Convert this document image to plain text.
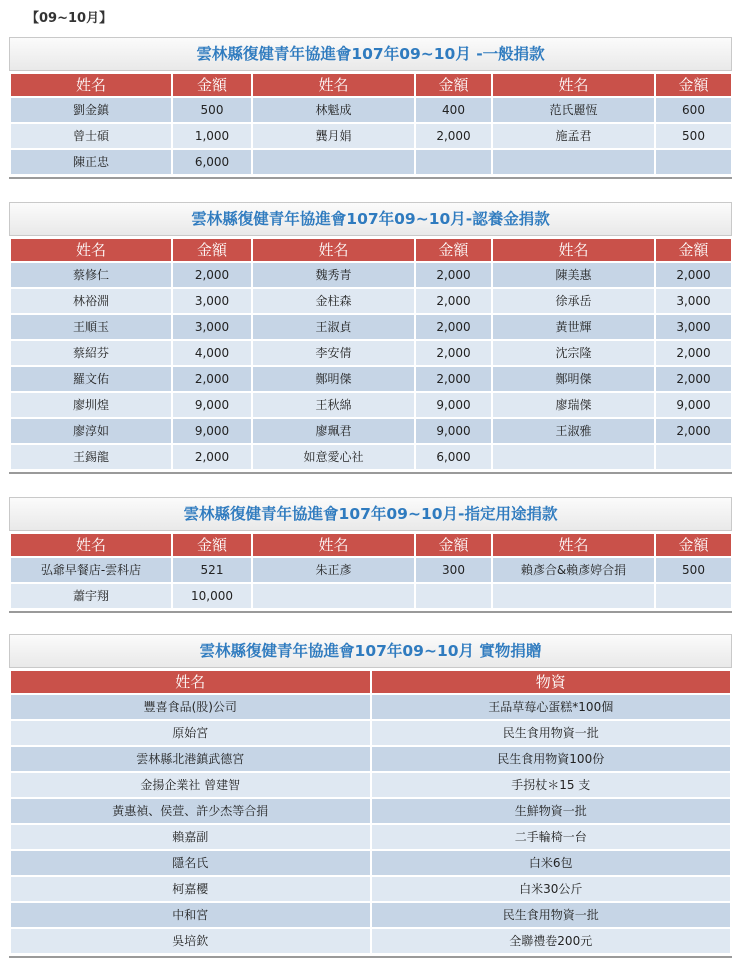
【09~10月】
雲林縣復健青年協進會107年09~10月 -一般捐款
姓名	金額	姓名	金額	姓名	金額
劉金鎮	500	林魁成	400	范氏麗恆	600
曾士碩	1,000	龔月娟	2,000	施孟君	500
陳正忠	6,000				
雲林縣復健青年協進會107年09~10月-認養金捐款
姓名	金額	姓名	金額	姓名	金額
蔡修仁	2,000	魏秀青	2,000	陳美惠	2,000
林裕淵	3,000	金柱森	2,000	徐承岳	3,000
王順玉	3,000	王淑貞	2,000	黃世輝	3,000
蔡紹芬	4,000	李安倩	2,000	沈宗隆	2,000
羅文佑	2,000	鄭明傑	2,000	鄭明傑	2,000
廖圳煌	9,000	王秋綿	9,000	廖瑞傑	9,000
廖淳如	9,000	廖珮君	9,000	王淑雅	2,000
王錫龍	2,000	如意愛心社	6,000		
雲林縣復健青年協進會107年09~10月-指定用途捐款
姓名	金額	姓名	金額	姓名	金額
弘爺早餐店-雲科店	521	朱正彥	300	賴彥合&賴彥婷合捐	500
蕭宇翔	10,000				
雲林縣復健青年協進會107年09~10月 實物捐贈
姓名	物資
豐喜食品(股)公司	王品草莓心蛋糕*100個
原始宮	民生食用物資一批
雲林縣北港鎮武德宮	民生食用物資100份
金揚企業社 曾建智	手拐杖＊15 支
黃惠禎、侯萱、許少杰等合捐	生鮮物資一批
賴嘉副	二手輪椅一台
隱名氏	白米6包
柯嘉櫻	白米30公斤
中和宮	民生食用物資一批
吳培欽	全聯禮卷200元
